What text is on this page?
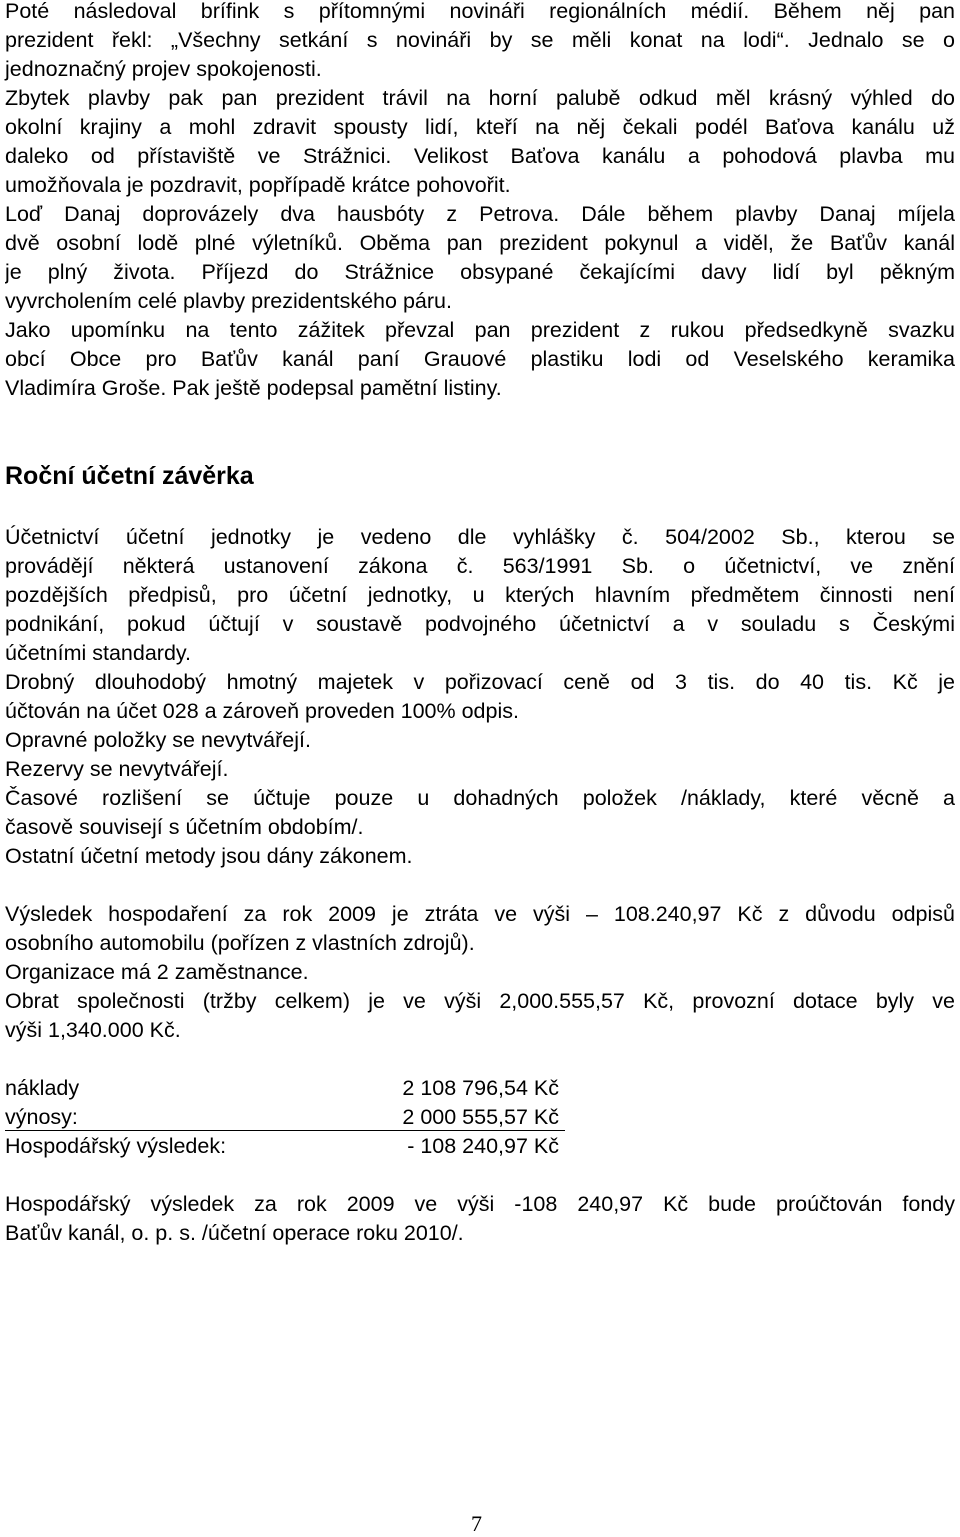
Poté následoval brífink s přítomnými novináři regionálních médií. Během něj pan
prezident řekl: „Všechny setkání s novináři by se měli konat na lodi“. Jednalo se o
jednoznačný projev spokojenosti.
Zbytek plavby pak pan prezident trávil na horní palubě odkud měl krásný výhled do
okolní krajiny a mohl zdravit spousty lidí, kteří na něj čekali podél Baťova kanálu už
daleko od přístaviště ve Strážnici. Velikost Baťova kanálu a pohodová plavba mu
umožňovala je pozdravit, popřípadě krátce pohovořit.
Loď Danaj doprovázely dva hausbóty z Petrova. Dále během plavby Danaj míjela
dvě osobní lodě plné výletníků. Oběma pan prezident pokynul a viděl, že Baťův kanál
je plný života. Příjezd do Strážnice obsypané čekajícími davy lidí byl pěkným
vyvrcholením celé plavby prezidentského páru.
Jako upomínku na tento zážitek převzal pan prezident z rukou předsedkyně svazku
obcí Obce pro Baťův kanál paní Grauové plastiku lodi od Veselského keramika
Vladimíra Groše. Pak ještě podepsal pamětní listiny.
Roční účetní závěrka
Účetnictví účetní jednotky je vedeno dle vyhlášky č. 504/2002 Sb., kterou se
provádějí některá ustanovení zákona č. 563/1991 Sb. o účetnictví, ve znění
pozdějších předpisů, pro účetní jednotky, u kterých hlavním předmětem činnosti není
podnikání, pokud účtují v soustavě podvojného účetnictví a v souladu s Českými
účetními standardy.
Drobný dlouhodobý hmotný majetek v pořizovací ceně od 3 tis. do 40 tis. Kč je
účtován na účet 028 a zároveň proveden 100% odpis.
Opravné položky se nevytvářejí.
Rezervy se nevytvářejí.
Časové rozlišení se účtuje pouze u dohadných položek /náklady, které věcně a
časově souvisejí s účetním obdobím/.
Ostatní účetní metody jsou dány zákonem.
Výsledek hospodaření za rok 2009 je ztráta ve výši – 108.240,97 Kč z důvodu odpisů
osobního automobilu (pořízen z vlastních zdrojů).
Organizace má 2 zaměstnance.
Obrat společnosti (tržby celkem) je ve výši 2,000.555,57 Kč, provozní dotace byly ve
výši 1,340.000 Kč.
náklady	2 108 796,54 Kč
výnosy:	2 000 555,57 Kč
Hospodářský výsledek:	- 108 240,97 Kč
Hospodářský výsledek za rok 2009 ve výši -108 240,97 Kč bude proúčtován fondy
Baťův kanál, o. p. s. /účetní operace roku 2010/.
7
